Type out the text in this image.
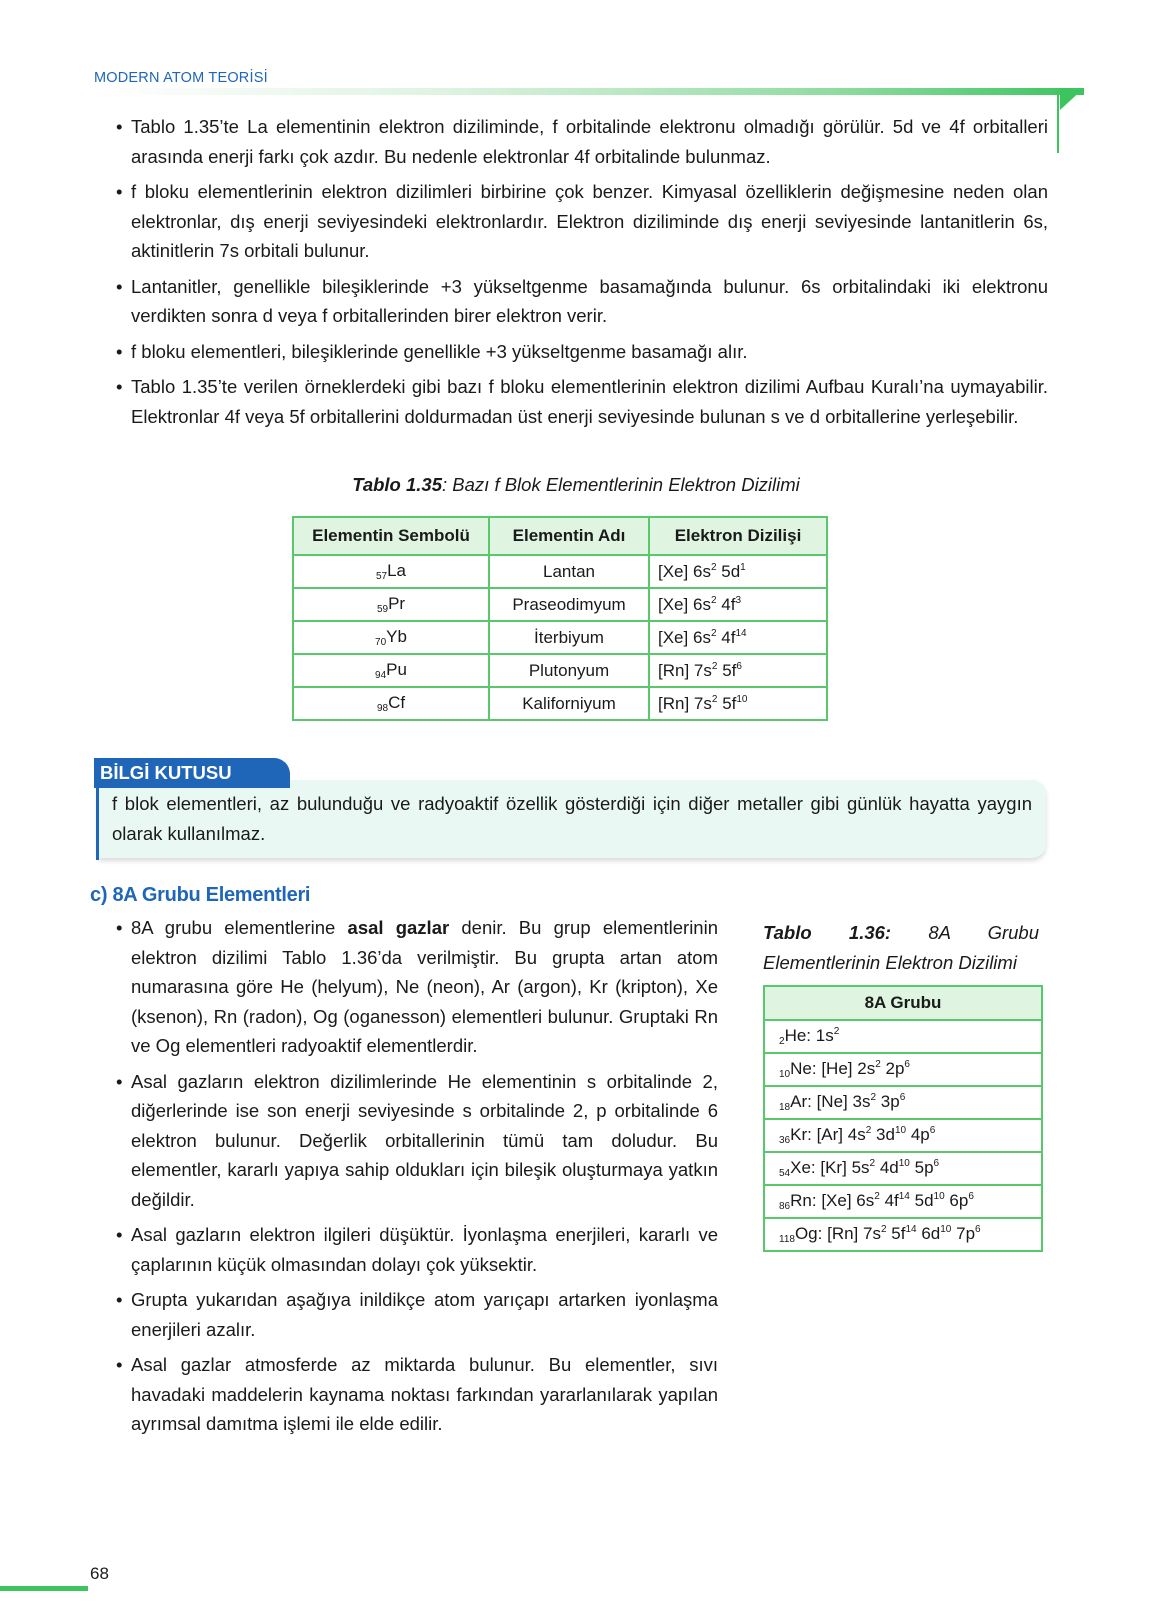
MODERN ATOM TEORİSİ
• Tablo 1.35’te La elementinin elektron diziliminde, f orbitalinde elektronu olmadığı görülür. 5d ve 4f orbitalleri arasında enerji farkı çok azdır. Bu nedenle elektronlar 4f orbitalinde bulunmaz.
• f bloku elementlerinin elektron dizilimleri birbirine çok benzer. Kimyasal özelliklerin değişmesine neden olan elektronlar, dış enerji seviyesindeki elektronlardır. Elektron diziliminde dış enerji seviyesinde lantanitlerin 6s, aktinitlerin 7s orbitali bulunur.
• Lantanitler, genellikle bileşiklerinde +3 yükseltgenme basamağında bulunur. 6s orbitalindaki iki elektronu verdikten sonra d veya f orbitallerinden birer elektron verir.
• f bloku elementleri, bileşiklerinde genellikle +3 yükseltgenme basamağı alır.
• Tablo 1.35’te verilen örneklerdeki gibi bazı f bloku elementlerinin elektron dizilimi Aufbau Kuralı’na uymayabilir. Elektronlar 4f veya 5f orbitallerini doldurmadan üst enerji seviyesinde bulunan s ve d orbitallerine yerleşebilir.
Tablo 1.35: Bazı f Blok Elementlerinin Elektron Dizilimi
Elementin Sembolü	Elementin Adı	Elektron Dizilişi
$_{57}$La	Lantan	[Xe] $6s^2$ $5d^1$
$_{59}$Pr	Praseodimyum	[Xe] $6s^2$ $4f^3$
$_{70}$Yb	İterbiyum	[Xe] $6s^2$ $4f^{14}$
$_{94}$Pu	Plutonyum	[Rn] $7s^2$ $5f^6$
$_{98}$Cf	Kaliforniyum	[Rn] $7s^2$ $5f^{10}$
BİLGİ KUTUSU
f blok elementleri, az bulunduğu ve radyoaktif özellik gösterdiği için diğer metaller gibi günlük hayatta yaygın olarak kullanılmaz.
c) 8A Grubu Elementleri
• 8A grubu elementlerine asal gazlar denir. Bu grup elementlerinin elektron dizilimi Tablo 1.36’da verilmiştir. Bu grupta artan atom numarasına göre He (helyum), Ne (neon), Ar (argon), Kr (kripton), Xe (ksenon), Rn (radon), Og (oganesson) elementleri bulunur. Gruptaki Rn ve Og elementleri radyoaktif elementlerdir.
• Asal gazların elektron dizilimlerinde He elementinin s orbitalinde 2, diğerlerinde ise son enerji seviyesinde s orbitalinde 2, p orbitalinde 6 elektron bulunur. Değerlik orbitallerinin tümü tam doludur. Bu elementler, kararlı yapıya sahip oldukları için bileşik oluşturmaya yatkın değildir.
• Asal gazların elektron ilgileri düşüktür. İyonlaşma enerjileri, kararlı ve çaplarının küçük olmasından dolayı çok yüksektir.
• Grupta yukarıdan aşağıya inildikçe atom yarıçapı artarken iyonlaşma enerjileri azalır.
• Asal gazlar atmosferde az miktarda bulunur. Bu elementler, sıvı havadaki maddelerin kaynama noktası farkından yararlanılarak yapılan ayrımsal damıtma işlemi ile elde edilir.
Tablo 1.36: 8A Grubu Elementlerinin Elektron Dizilimi
8A Grubu
$_2$He: $1s^2$
$_{10}$Ne: [He] $2s^2$ $2p^6$
$_{18}$Ar: [Ne] $3s^2$ $3p^6$
$_{36}$Kr: [Ar] $4s^2$ $3d^{10}$ $4p^6$
$_{54}$Xe: [Kr] $5s^2$ $4d^{10}$ $5p^6$
$_{86}$Rn: [Xe] $6s^2$ $4f^{14}$ $5d^{10}$ $6p^6$
$_{118}$Og: [Rn] $7s^2$ $5f^{14}$ $6d^{10}$ $7p^6$
68
